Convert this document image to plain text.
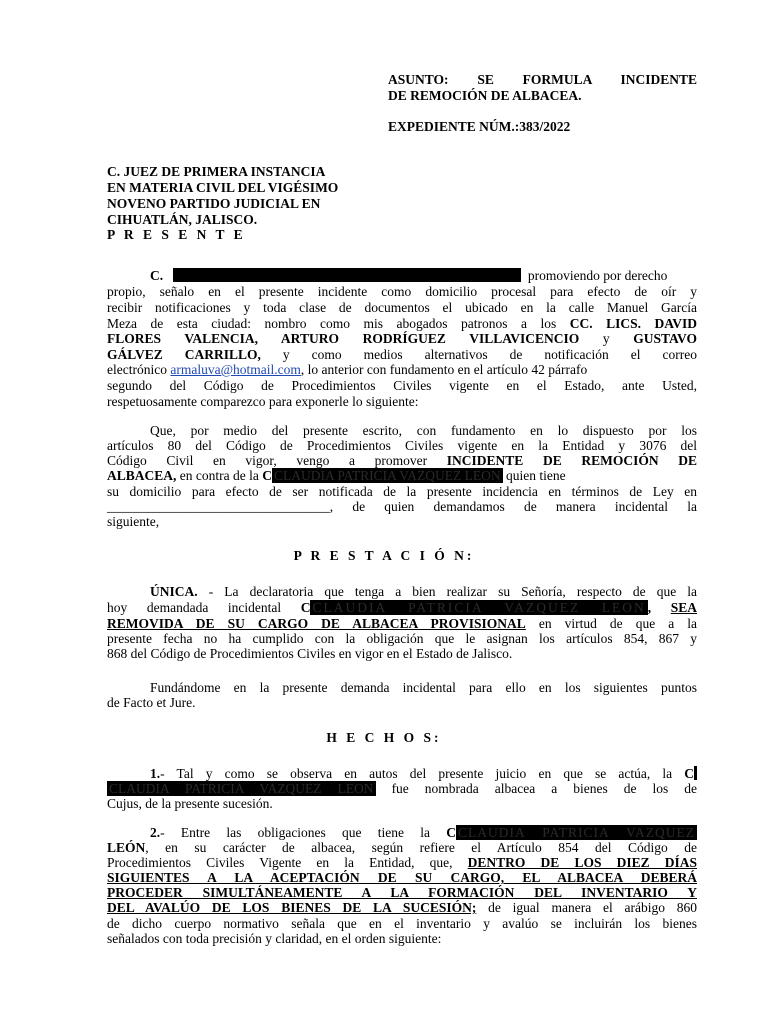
ASUNTO: SE FORMULA INCIDENTE
DE REMOCIÓN DE ALBACEA.
EXPEDIENTE NÚM.:383/2022
C. JUEZ DE PRIMERA INSTANCIA
EN MATERIA CIVIL DEL VIGÉSIMO
NOVENO PARTIDO JUDICIAL EN
CIHUATLÁN, JALISCO.
P R E S E N T E
C.	promoviendo por derecho
propio, señalo en el presente incidente como domicilio procesal para efecto de oír y
recibir notificaciones y toda clase de documentos el ubicado en la calle Manuel García
Meza de esta ciudad: nombro como mis abogados patronos a los CC. LICS. DAVID
FLORES VALENCIA, ARTURO RODRÍGUEZ VILLAVICENCIO y GUSTAVO
GÁLVEZ CARRILLO, y como medios alternativos de notificación el correo
electrónico armaluva@hotmail.com, lo anterior con fundamento en el artículo 42 párrafo
segundo del Código de Procedimientos Civiles vigente en el Estado, ante Usted,
respetuosamente comparezco para exponerle lo siguiente:
Que, por medio del presente escrito, con fundamento en lo dispuesto por los
artículos 80 del Código de Procedimientos Civiles vigente en la Entidad y 3076 del
Código Civil en vigor, vengo a promover INCIDENTE DE REMOCIÓN DE
ALBACEA, en contra de la C CLAUDIA PATRICIA VAZQUEZ LEON quien tiene
su domicilio para efecto de ser notificada de la presente incidencia en términos de Ley en
_________________________________, de quien demandamos de manera incidental la
siguiente,
P R E S T A C I Ó N:
ÚNICA. - La declaratoria que tenga a bien realizar su Señoría, respecto de que la
hoy demandada incidental C CLAUDIA PATRICIA VAZQUEZ LEON , SEA
REMOVIDA DE SU CARGO DE ALBACEA PROVISIONAL en virtud de que a la
presente fecha no ha cumplido con la obligación que le asignan los artículos 854, 867 y
868 del Código de Procedimientos Civiles en vigor en el Estado de Jalisco.
Fundándome en la presente demanda incidental para ello en los siguientes puntos
de Facto et Jure.
H E C H O S:
1.- Tal y como se observa en autos del presente juicio en que se actúa, la C
CLAUDIA PATRICIA VAZQUEZ LEON fue nombrada albacea a bienes de los de
Cujus, de la presente sucesión.
2.- Entre las obligaciones que tiene la C CLAUDIA PATRICIA VAZQUEZ
LEÓN, en su carácter de albacea, según refiere el Artículo 854 del Código de
Procedimientos Civiles Vigente en la Entidad, que, DENTRO DE LOS DIEZ DÍAS
SIGUIENTES A LA ACEPTACIÓN DE SU CARGO, EL ALBACEA DEBERÁ
PROCEDER SIMULTÁNEAMENTE A LA FORMACIÓN DEL INVENTARIO Y
DEL AVALÚO DE LOS BIENES DE LA SUCESIÓN; de igual manera el arábigo 860
de dicho cuerpo normativo señala que en el inventario y avalúo se incluirán los bienes
señalados con toda precisión y claridad, en el orden siguiente:
